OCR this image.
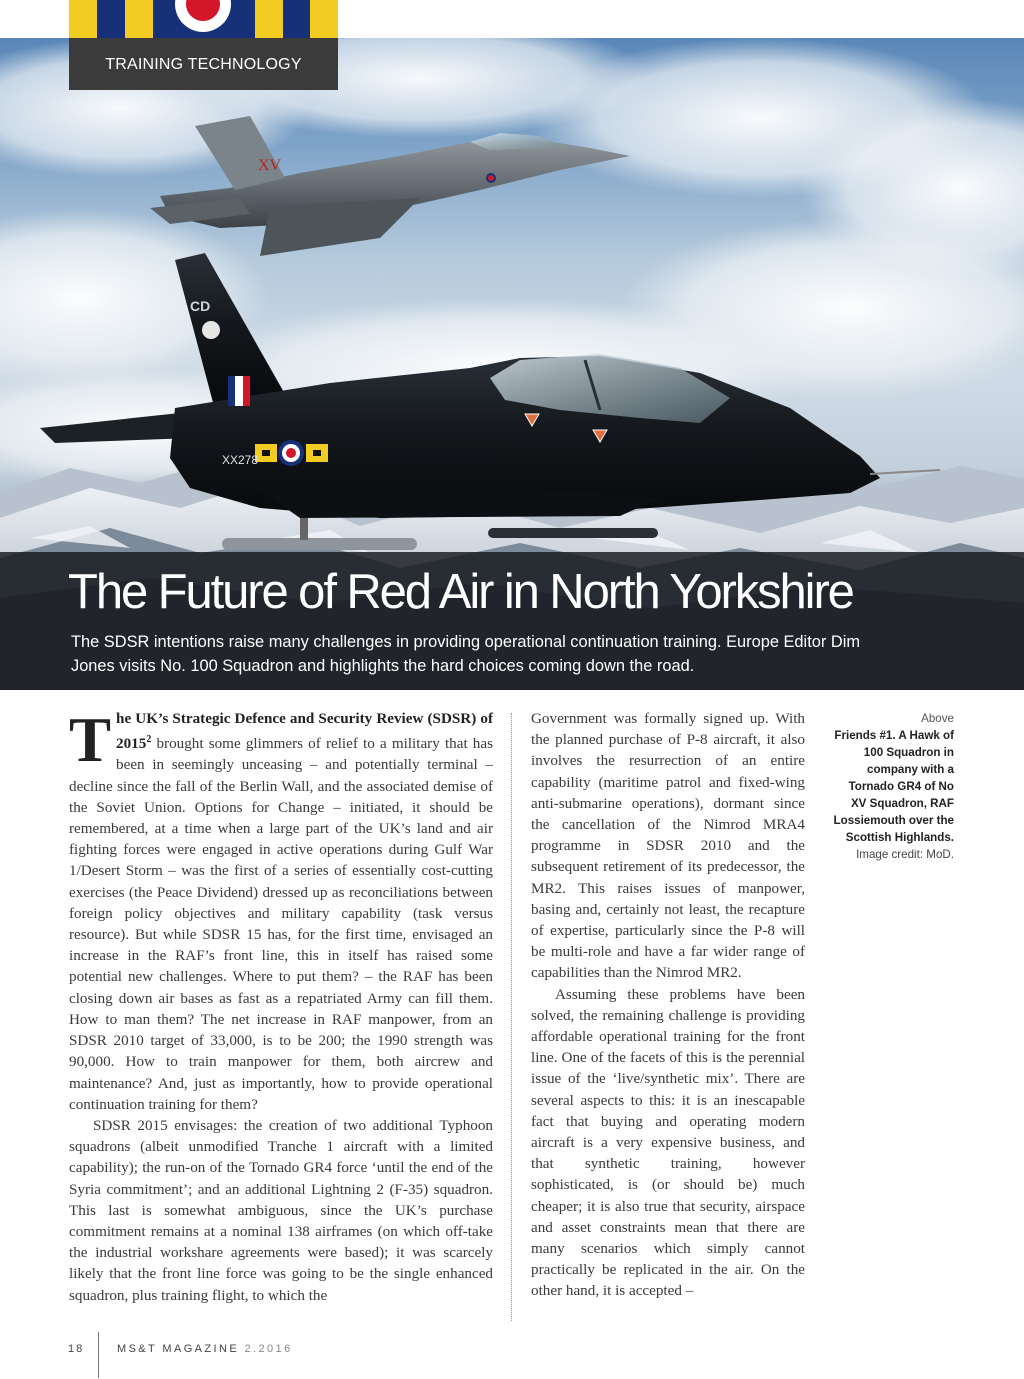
XV
CD
XX278
TRAINING TECHNOLOGY
The Future of Red Air in North Yorkshire

The SDSR intentions raise many challenges in providing operational continuation training. Europe Editor Dim Jones visits No. 100 Squadron and highlights the hard choices coming down the road.

The UK’s Strategic Defence and Security Review (SDSR) of 2015$^2$ brought some glimmers of relief to a military that has been in seemingly unceasing – and potentially terminal – decline since the fall of the Berlin Wall, and the associated demise of the Soviet Union. Options for Change – initiated, it should be remembered, at a time when a large part of the UK’s land and air fighting forces were engaged in active operations during Gulf War 1/Desert Storm – was the first of a series of essentially cost-cutting exercises (the Peace Dividend) dressed up as reconciliations between foreign policy objectives and military capability (task versus resource). But while SDSR 15 has, for the first time, envisaged an increase in the RAF’s front line, this in itself has raised some potential new challenges. Where to put them? – the RAF has been closing down air bases as fast as a repatriated Army can fill them. How to man them? The net increase in RAF manpower, from an SDSR 2010 target of 33,000, is to be 200; the 1990 strength was 90,000. How to train manpower for them, both aircrew and maintenance? And, just as importantly, how to provide operational continuation training for them?

SDSR 2015 envisages: the creation of two additional Typhoon squadrons (albeit unmodified Tranche 1 aircraft with a limited capability); the run-on of the Tornado GR4 force ‘until the end of the Syria commitment’; and an additional Lightning 2 (F-35) squadron. This last is somewhat ambiguous, since the UK’s purchase commitment remains at a nominal 138 airframes (on which off-take the industrial workshare agreements were based); it was scarcely likely that the front line force was going to be the single enhanced squadron, plus training flight, to which the

Government was formally signed up. With the planned purchase of P-8 aircraft, it also involves the resurrection of an entire capability (maritime patrol and fixed-wing anti-submarine operations), dormant since the cancellation of the Nimrod MRA4 programme in SDSR 2010 and the subsequent retirement of its predecessor, the MR2. This raises issues of manpower, basing and, certainly not least, the recapture of expertise, particularly since the P-8 will be multi-role and have a far wider range of capabilities than the Nimrod MR2.

Assuming these problems have been solved, the remaining challenge is providing affordable operational training for the front line. One of the facets of this is the perennial issue of the ‘live/synthetic mix’. There are several aspects to this: it is an inescapable fact that buying and operating modern aircraft is a very expensive business, and that synthetic training, however sophisticated, is (or should be) much cheaper; it is also true that security, airspace and asset constraints mean that there are many scenarios which simply cannot practically be replicated in the air. On the other hand, it is accepted –

Above
Friends #1. A Hawk of 100 Squadron in company with a Tornado GR4 of No XV Squadron, RAF Lossiemouth over the Scottish Highlands.
Image credit: MoD.
18	MS&T MAGAZINE 2.2016
